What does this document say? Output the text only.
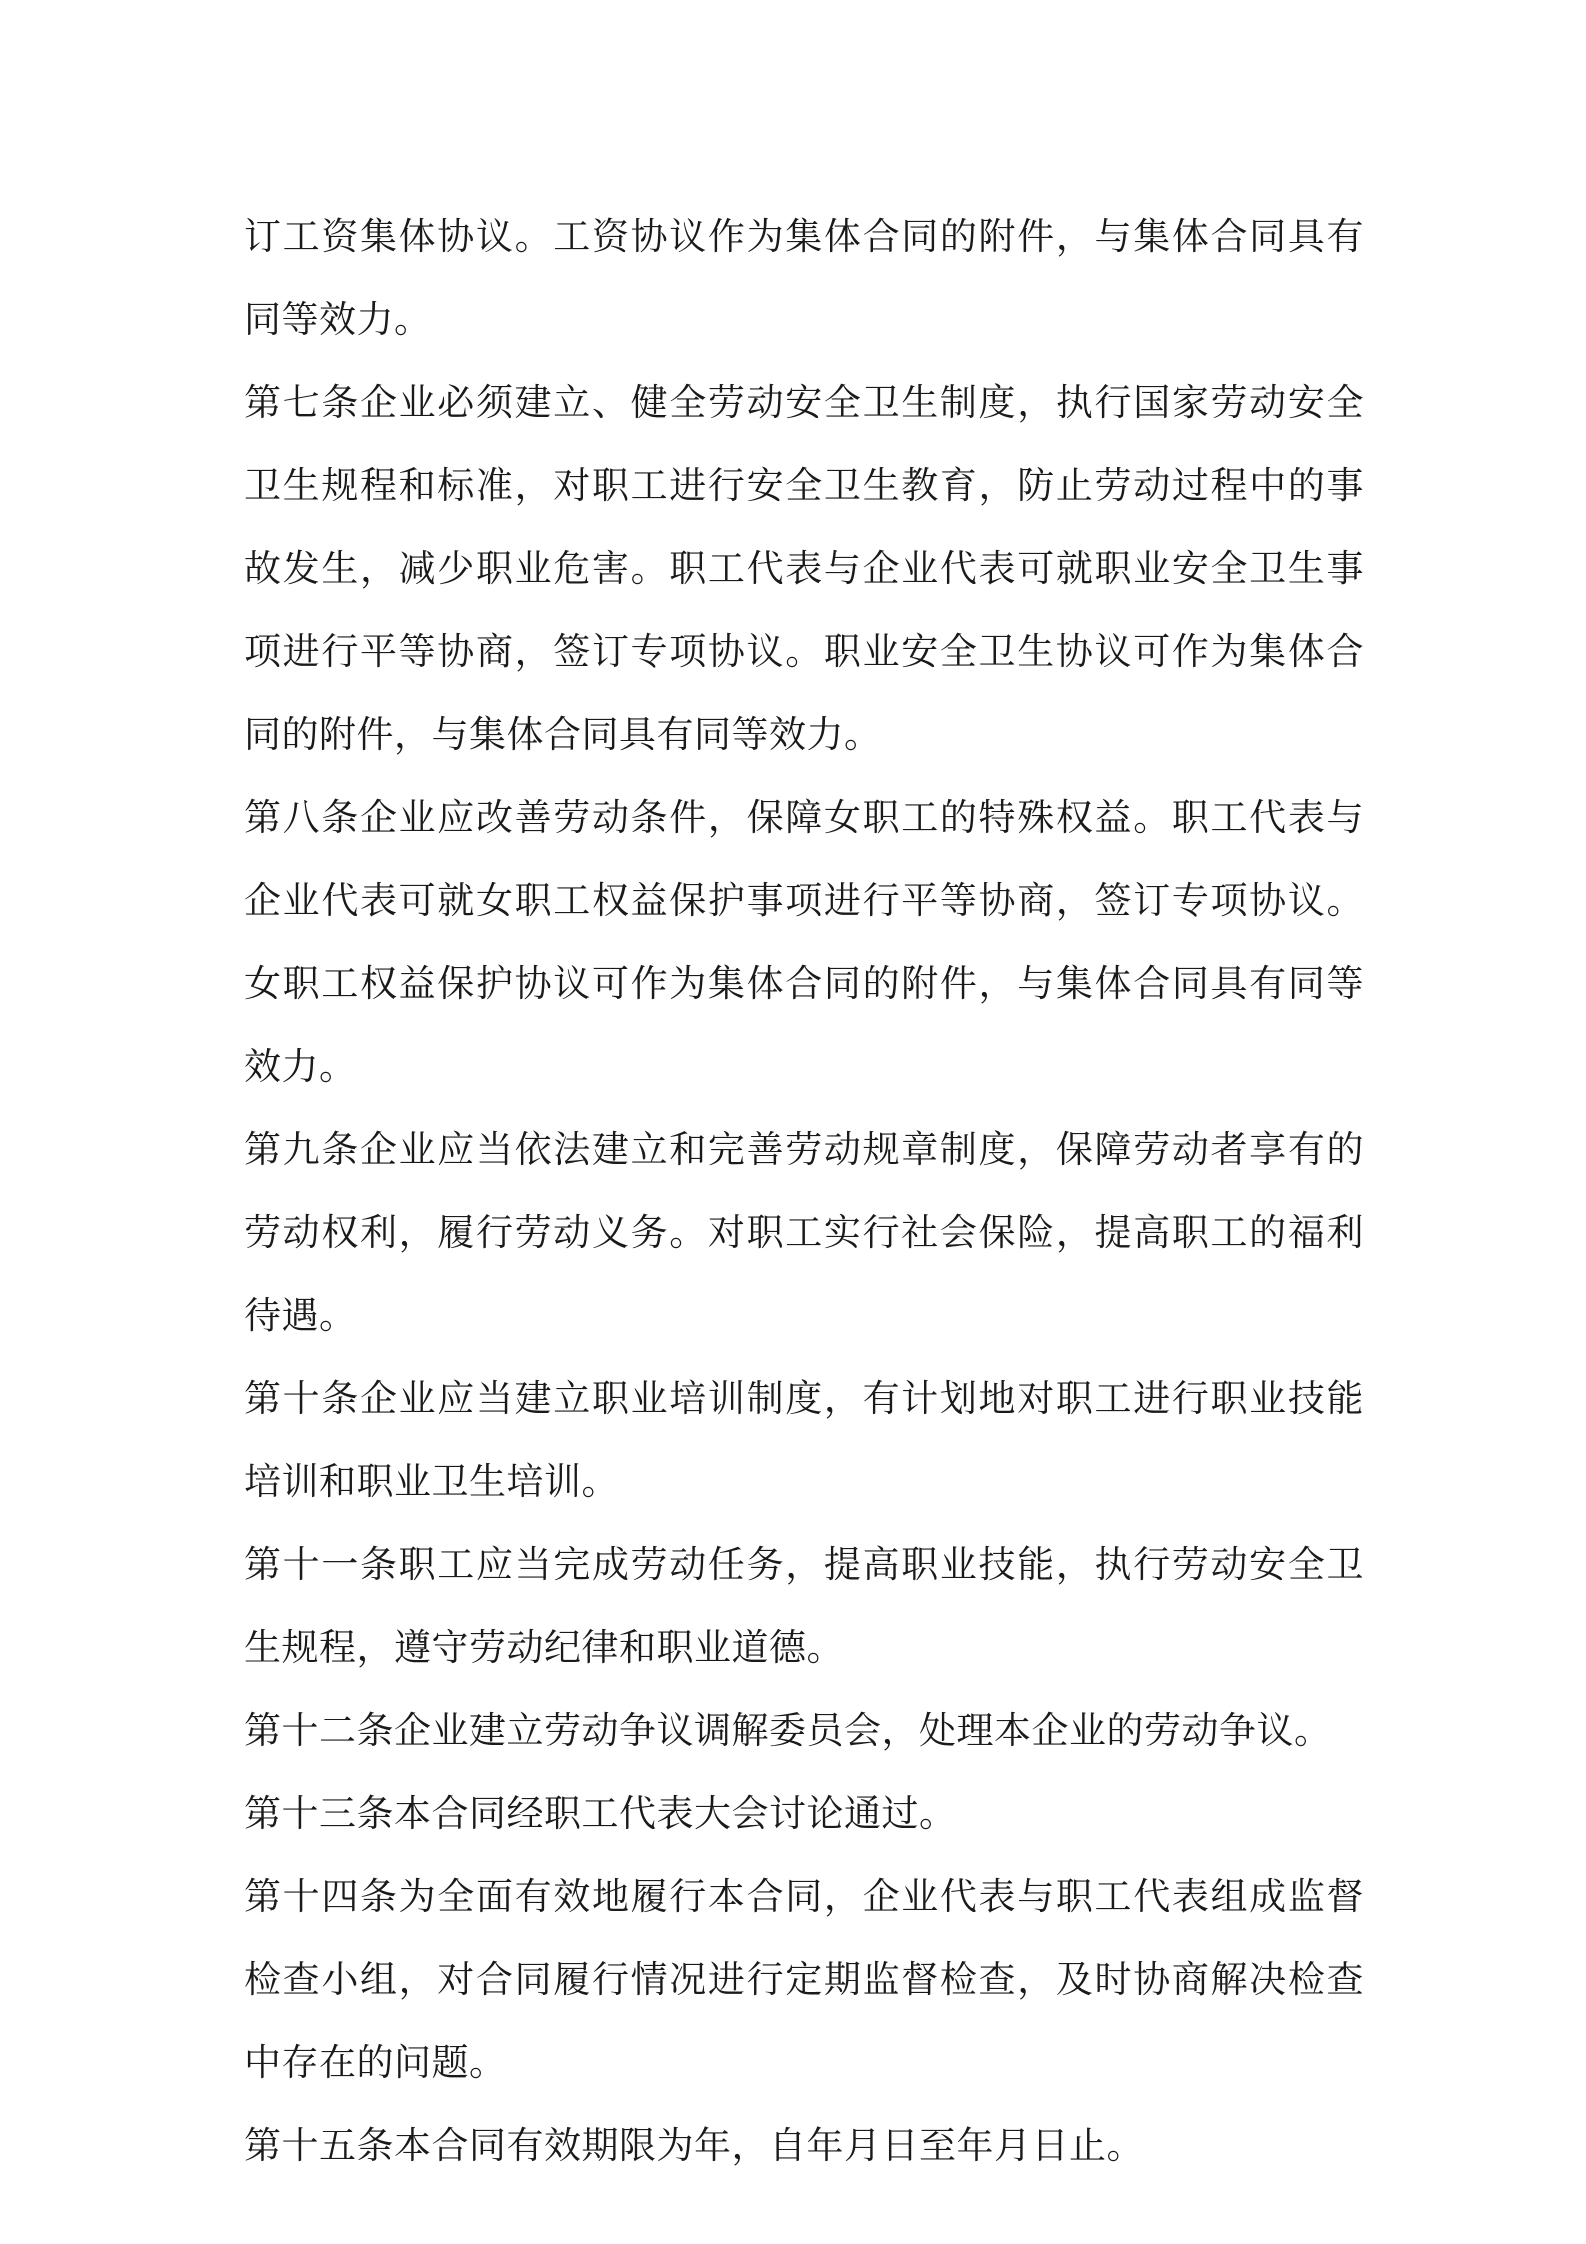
订工资集体协议。工资协议作为集体合同的附件，与集体合同具有同等效力。

第七条企业必须建立、健全劳动安全卫生制度，执行国家劳动安全卫生规程和标准，对职工进行安全卫生教育，防止劳动过程中的事故发生，减少职业危害。职工代表与企业代表可就职业安全卫生事项进行平等协商，签订专项协议。职业安全卫生协议可作为集体合同的附件，与集体合同具有同等效力。

第八条企业应改善劳动条件，保障女职工的特殊权益。职工代表与企业代表可就女职工权益保护事项进行平等协商，签订专项协议。女职工权益保护协议可作为集体合同的附件，与集体合同具有同等效力。

第九条企业应当依法建立和完善劳动规章制度，保障劳动者享有的劳动权利，履行劳动义务。对职工实行社会保险，提高职工的福利待遇。

第十条企业应当建立职业培训制度，有计划地对职工进行职业技能培训和职业卫生培训。

第十一条职工应当完成劳动任务，提高职业技能，执行劳动安全卫生规程，遵守劳动纪律和职业道德。

第十二条企业建立劳动争议调解委员会，处理本企业的劳动争议。

第十三条本合同经职工代表大会讨论通过。

第十四条为全面有效地履行本合同，企业代表与职工代表组成监督检查小组，对合同履行情况进行定期监督检查，及时协商解决检查中存在的问题。

第十五条本合同有效期限为年，自年月日至年月日止。
